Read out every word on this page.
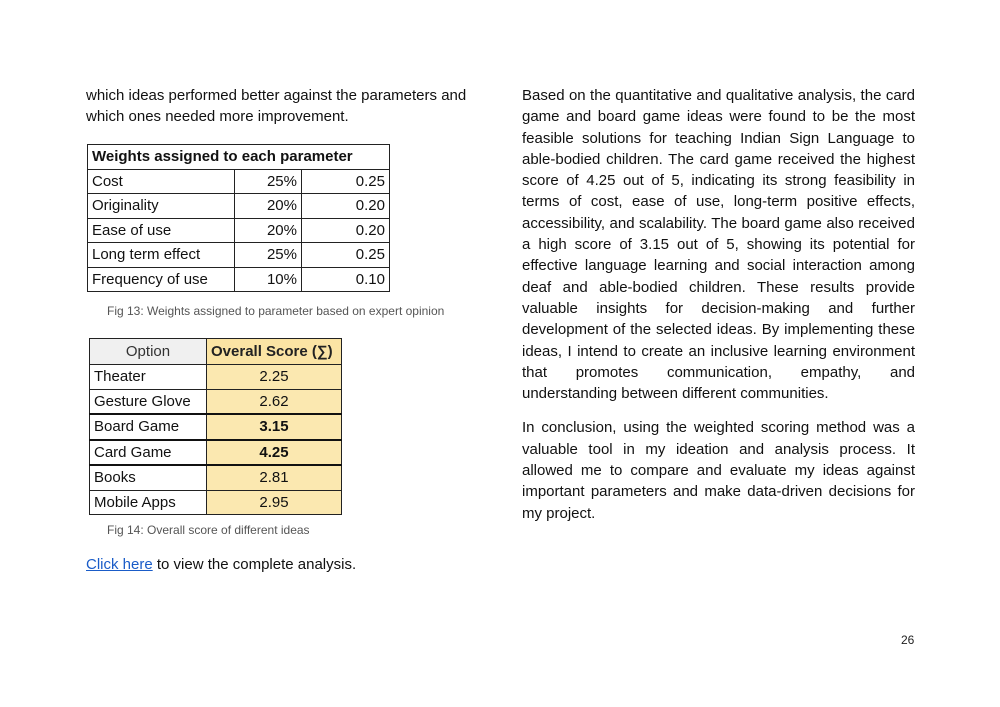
which ideas performed better against the parameters and which ones needed more improvement.

Weights assigned to each parameter		
Cost	25%	0.25
Originality	20%	0.20
Ease of use	20%	0.20
Long term effect	25%	0.25
Frequency of use	10%	0.10
Fig 13: Weights assigned to parameter based on expert opinion
Option	Overall Score (∑)
Theater	2.25
Gesture Glove	2.62
Board Game	3.15
Card Game	4.25
Books	2.81
Mobile Apps	2.95
Fig 14: Overall score of different ideas
Click here to view the complete analysis.

Based on the quantitative and qualitative analysis, the card game and board game ideas were found to be the most feasible solutions for teaching Indian Sign Language to able-bodied children. The card game received the highest score of 4.25 out of 5, indicating its strong feasibility in terms of cost, ease of use, long-term positive effects, accessibility, and scalability. The board game also received a high score of 3.15 out of 5, showing its potential for effective language learning and social interaction among deaf and able-bodied children. These results provide valuable insights for decision-making and further development of the selected ideas. By implementing these ideas, I intend to create an inclusive learning environment that promotes communication, empathy, and understanding between different communities.

In conclusion, using the weighted scoring method was a valuable tool in my ideation and analysis process. It allowed me to compare and evaluate my ideas against important parameters and make data-driven decisions for my project.

26
